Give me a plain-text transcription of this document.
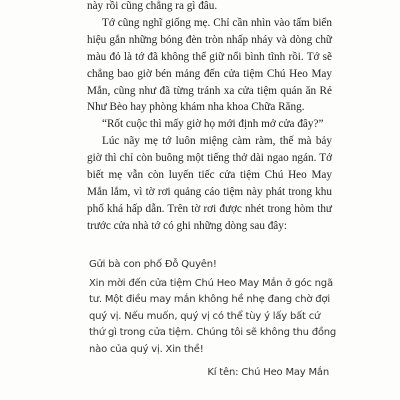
này rồi cũng chẳng ra gì đâu.

Tớ cũng nghĩ giống mẹ. Chỉ cần nhìn vào tấm biển hiệu gắn những bóng đèn tròn nhấp nháy và dòng chữ màu đỏ là tớ đã không thể giữ nổi bình tĩnh rồi. Tớ sẽ chẳng bao giờ bén mảng đến cửa tiệm Chú Heo May Mắn, cũng như đã từng tránh xa cửa tiệm quán ăn Rẻ Như Bèo hay phòng khám nha khoa Chữa Răng.

“Rốt cuộc thì mấy giờ họ mới định mở cửa đây?”

Lúc nãy mẹ tớ luôn miệng càm ràm, thế mà bảy giờ thì chỉ còn buông một tiếng thở dài ngao ngán. Tớ biết mẹ vẫn còn luyến tiếc cửa tiệm Chú Heo May Mắn lắm, vì tờ rơi quảng cáo tiệm này phát trong khu phố khá hấp dẫn. Trên tờ rơi được nhét trong hòm thư trước cửa nhà tớ có ghi những dòng sau đây:

Gửi bà con phố Đỗ Quyên!
Xin mời đến cửa tiệm Chú Heo May Mắn ở góc ngã
tư. Một điều may mắn không hề nhẹ đang chờ đợi
quý vị. Nếu muốn, quý vị có thể tùy ý lấy bất cứ
thứ gì trong cửa tiệm. Chúng tôi sẽ không thu đồng
nào của quý vị. Xin thề!
Kí tên: Chú Heo May Mắn
